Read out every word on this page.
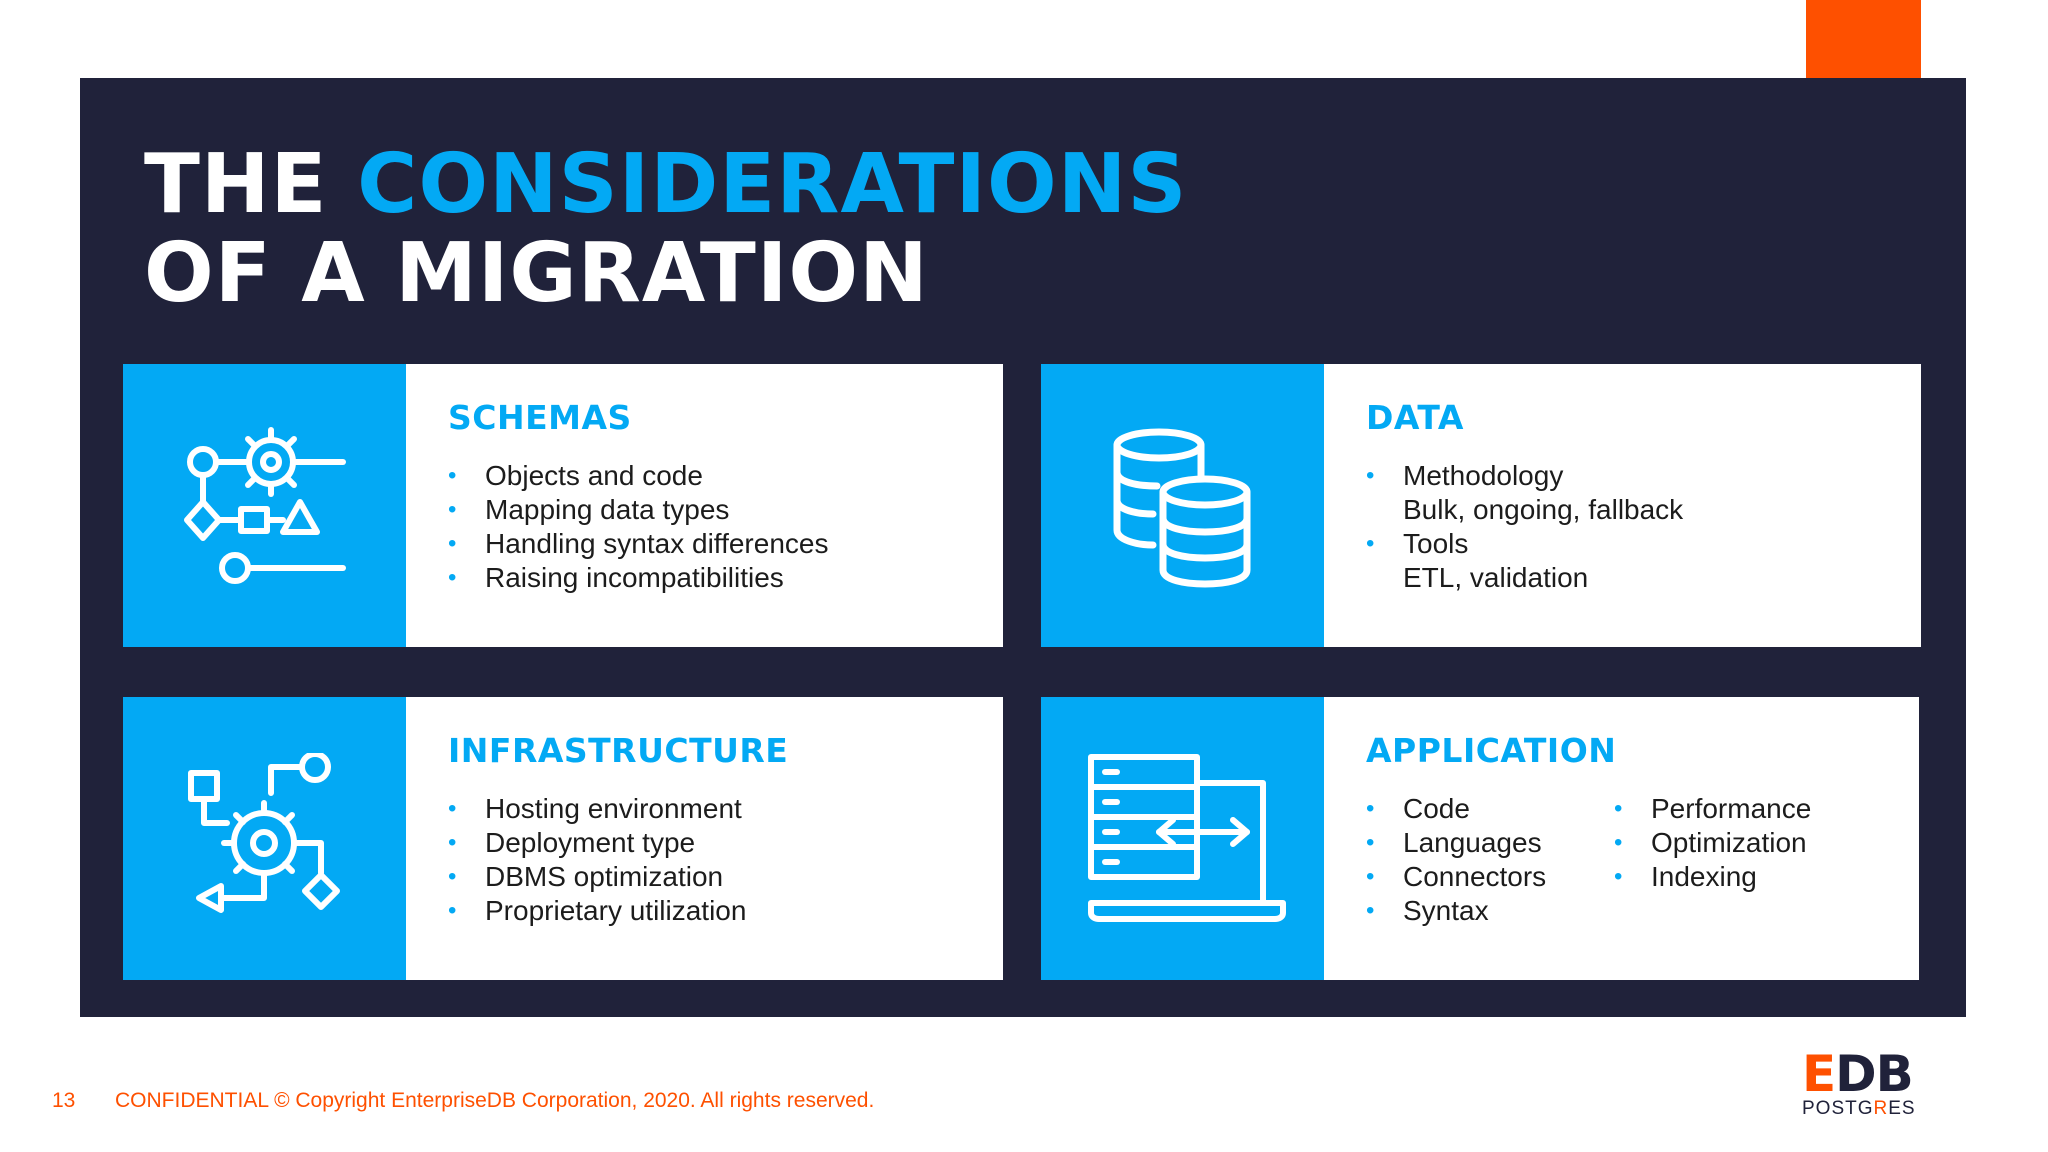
THE CONSIDERATIONS
OF A MIGRATION
SCHEMAS
• Objects and code
• Mapping data types
• Handling syntax differences
• Raising incompatibilities
DATA
• Methodology
Bulk, ongoing, fallback
• Tools
ETL, validation
INFRASTRUCTURE
• Hosting environment
• Deployment type
• DBMS optimization
• Proprietary utilization
APPLICATION
• Code
• Languages
• Connectors
• Syntax
• Performance
• Optimization
• Indexing
13 CONFIDENTIAL © Copyright EnterpriseDB Corporation, 2020. All rights reserved.	EDB
POSTGRES
